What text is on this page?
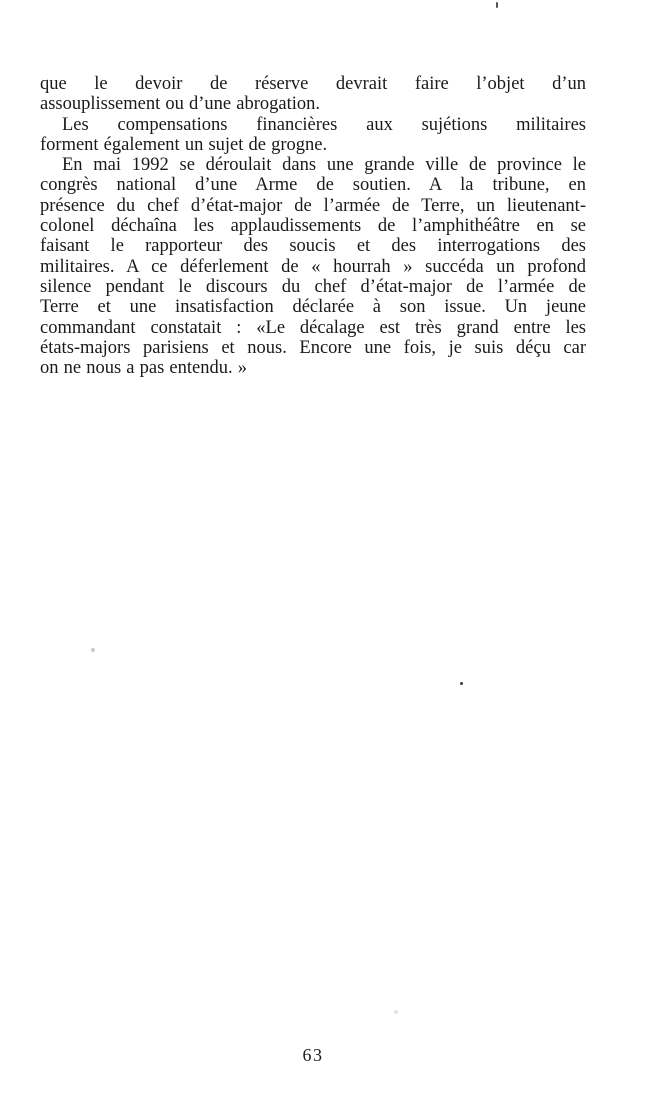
que le devoir de réserve devrait faire l’objet d’un
assouplissement ou d’une abrogation.
Les compensations financières aux sujétions militaires
forment également un sujet de grogne.
En mai 1992 se déroulait dans une grande ville de province le
congrès national d’une Arme de soutien. A la tribune, en
présence du chef d’état-major de l’armée de Terre, un lieutenant-
colonel déchaîna les applaudissements de l’amphithéâtre en se
faisant le rapporteur des soucis et des interrogations des
militaires. A ce déferlement de « hourrah » succéda un profond
silence pendant le discours du chef d’état-major de l’armée de
Terre et une insatisfaction déclarée à son issue. Un jeune
commandant constatait : «Le décalage est très grand entre les
états-majors parisiens et nous. Encore une fois, je suis déçu car
on ne nous a pas entendu. »
63
